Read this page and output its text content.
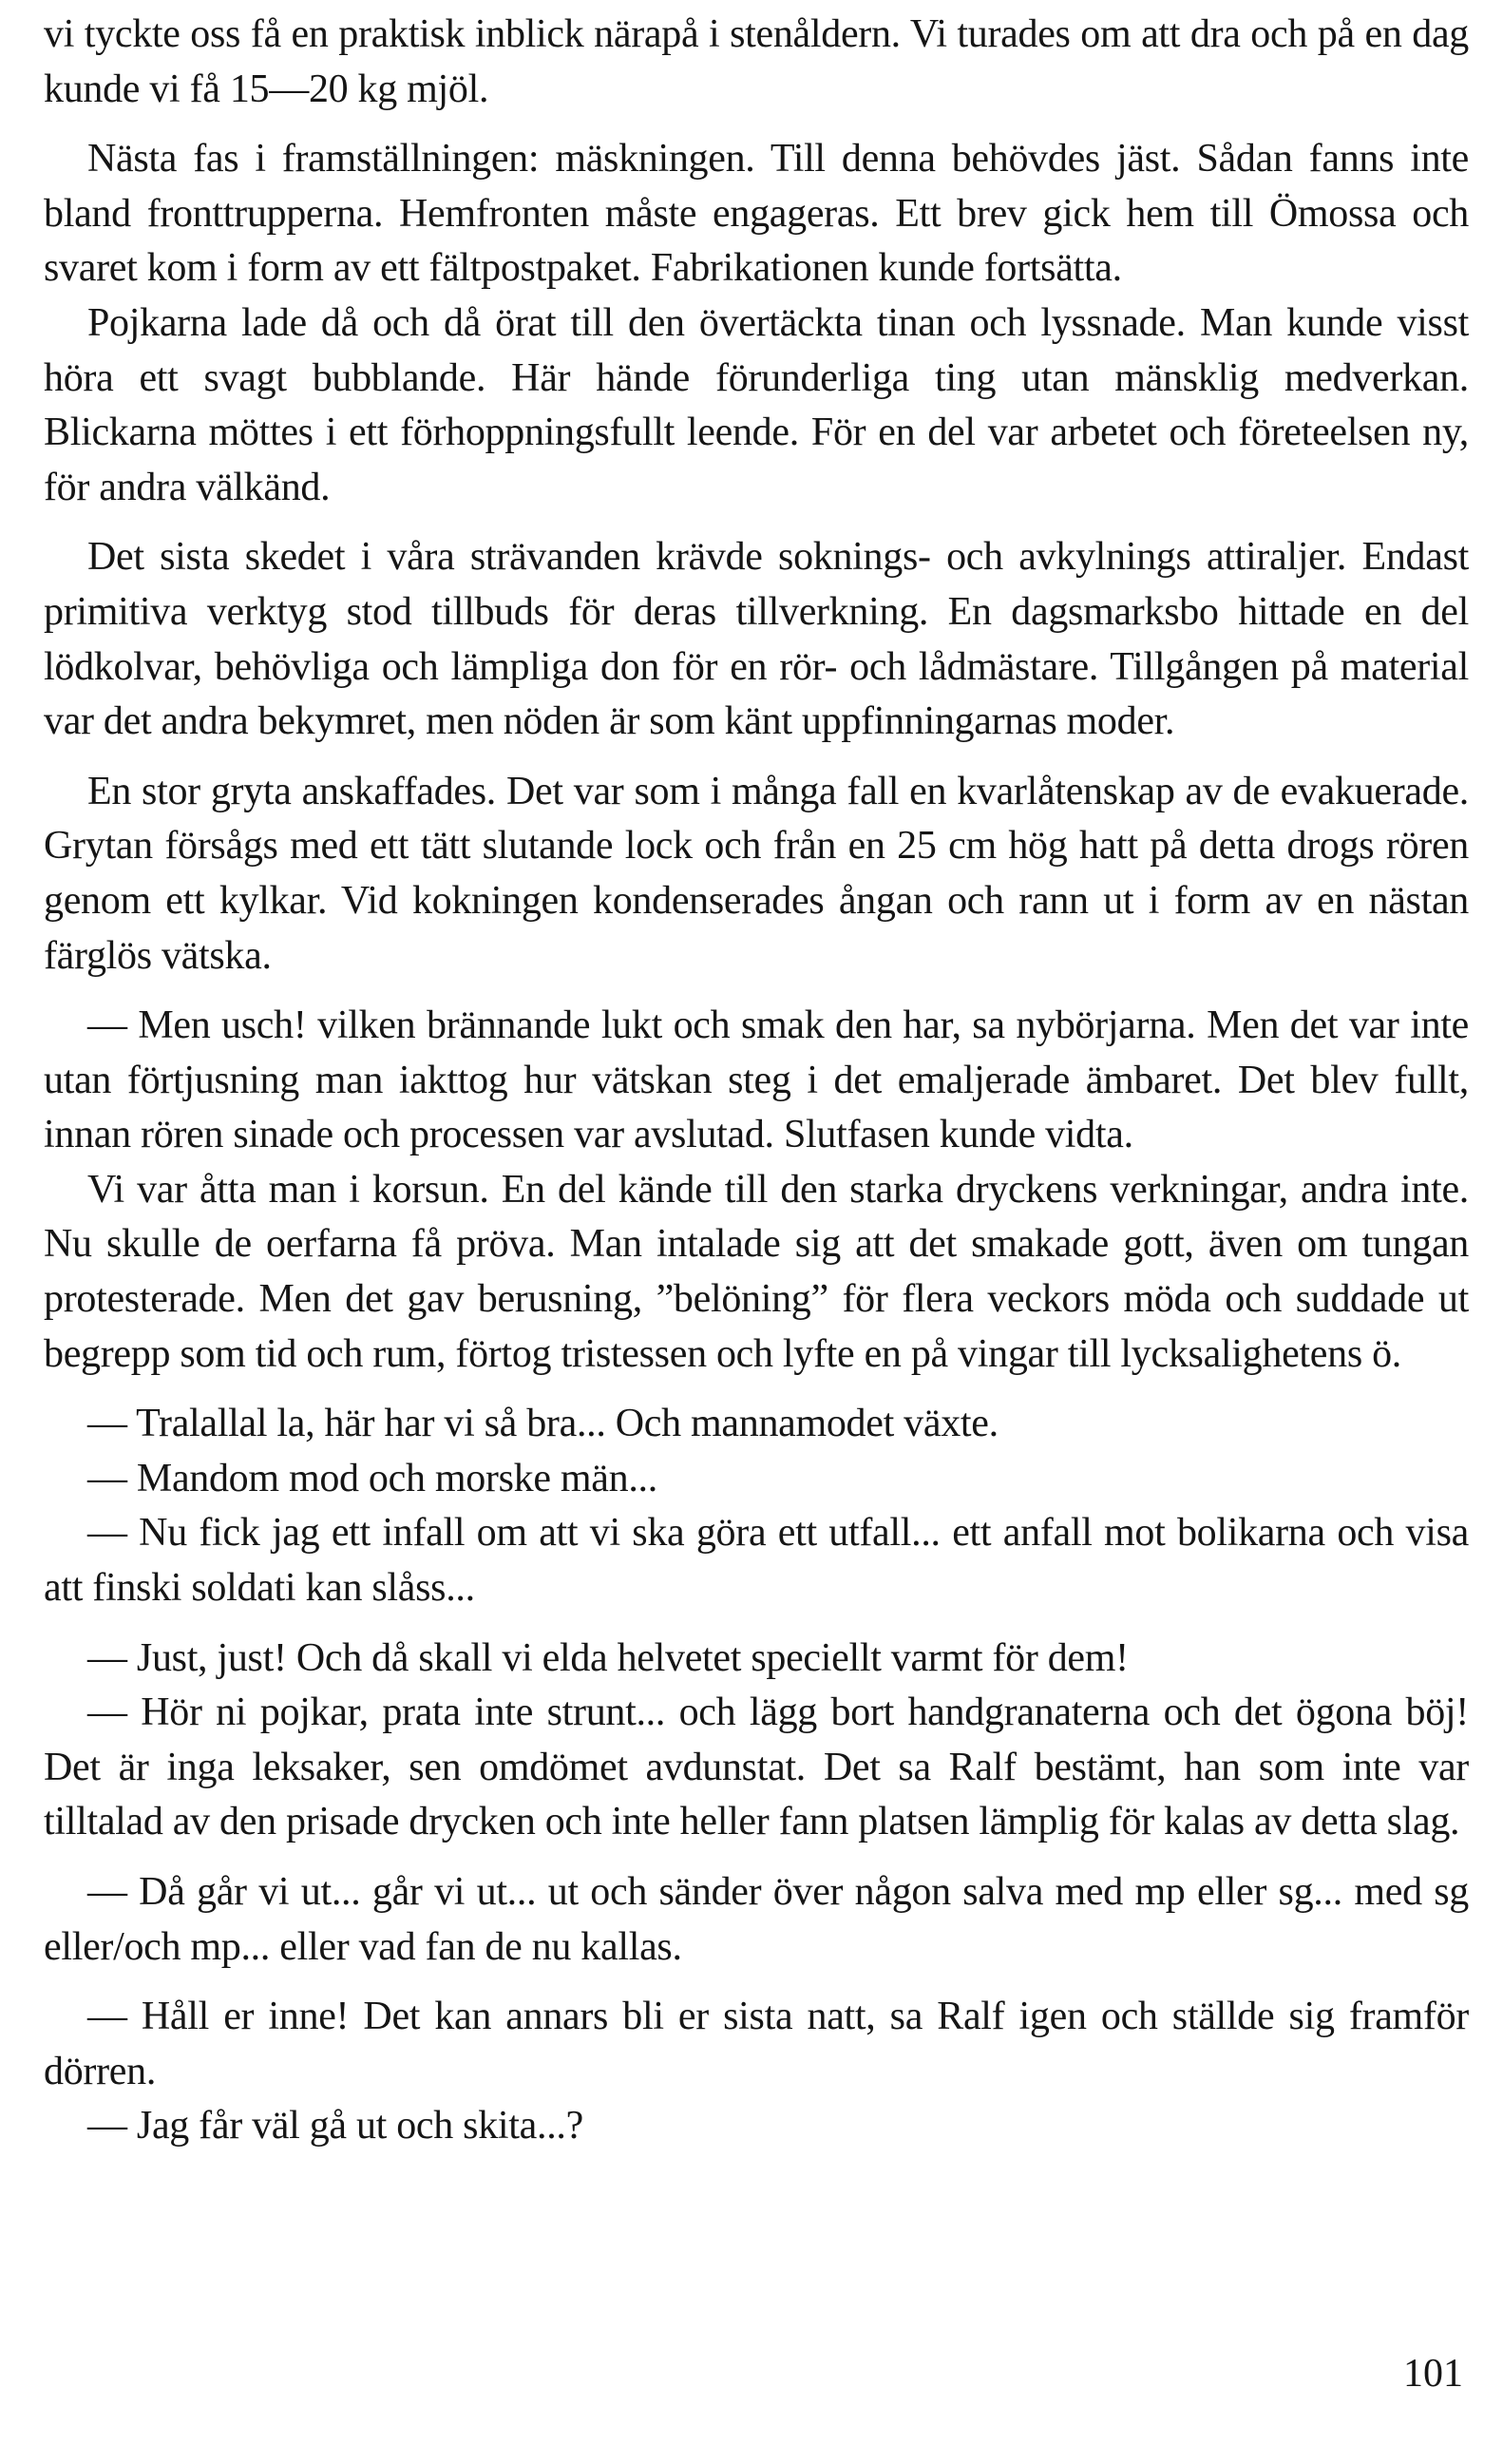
vi tyckte oss få en praktisk inblick närapå i stenåldern. Vi turades om att dra och på en dag kunde vi få 15—20 kg mjöl.

Nästa fas i framställningen: mäskningen. Till denna behövdes jäst. Sådan fanns inte bland fronttrupperna. Hemfronten måste engageras. Ett brev gick hem till Ömossa och svaret kom i form av ett fältpostpaket. Fabrikationen kunde fortsätta.

Pojkarna lade då och då örat till den övertäckta tinan och lyssnade. Man kunde visst höra ett svagt bubblande. Här hände förunderliga ting utan mänsklig medverkan. Blickarna möttes i ett förhoppningsfullt leende. För en del var arbetet och företeelsen ny, för andra välkänd.

Det sista skedet i våra strävanden krävde soknings- och avkylnings attiraljer. Endast primitiva verktyg stod tillbuds för deras tillverkning. En dagsmarksbo hittade en del lödkolvar, behövliga och lämpliga don för en rör- och lådmästare. Tillgången på material var det andra bekymret, men nöden är som känt uppfinningarnas moder.

En stor gryta anskaffades. Det var som i många fall en kvarlåtenskap av de evakuerade. Grytan försågs med ett tätt slutande lock och från en 25 cm hög hatt på detta drogs rören genom ett kylkar. Vid kokningen kondenserades ångan och rann ut i form av en nästan färglös vätska.

— Men usch! vilken brännande lukt och smak den har, sa nybörjarna. Men det var inte utan förtjusning man iakttog hur vätskan steg i det emaljerade ämbaret. Det blev fullt, innan rören sinade och processen var avslutad. Slutfasen kunde vidta.

Vi var åtta man i korsun. En del kände till den starka dryckens verkningar, andra inte. Nu skulle de oerfarna få pröva. Man intalade sig att det smakade gott, även om tungan protesterade. Men det gav berusning, ”belöning” för flera veckors möda och suddade ut begrepp som tid och rum, förtog tristessen och lyfte en på vingar till lycksalighetens ö.

— Tralallal la, här har vi så bra... Och mannamodet växte.

— Mandom mod och morske män...

— Nu fick jag ett infall om att vi ska göra ett utfall... ett anfall mot bolikarna och visa att finski soldati kan slåss...

— Just, just! Och då skall vi elda helvetet speciellt varmt för dem!

— Hör ni pojkar, prata inte strunt... och lägg bort handgranaterna och det ögona böj! Det är inga leksaker, sen omdömet avdunstat. Det sa Ralf bestämt, han som inte var tilltalad av den prisade drycken och inte heller fann platsen lämplig för kalas av detta slag.

— Då går vi ut... går vi ut... ut och sänder över någon salva med mp eller sg... med sg eller/och mp... eller vad fan de nu kallas.

— Håll er inne! Det kan annars bli er sista natt, sa Ralf igen och ställde sig framför dörren.

— Jag får väl gå ut och skita...?

101
